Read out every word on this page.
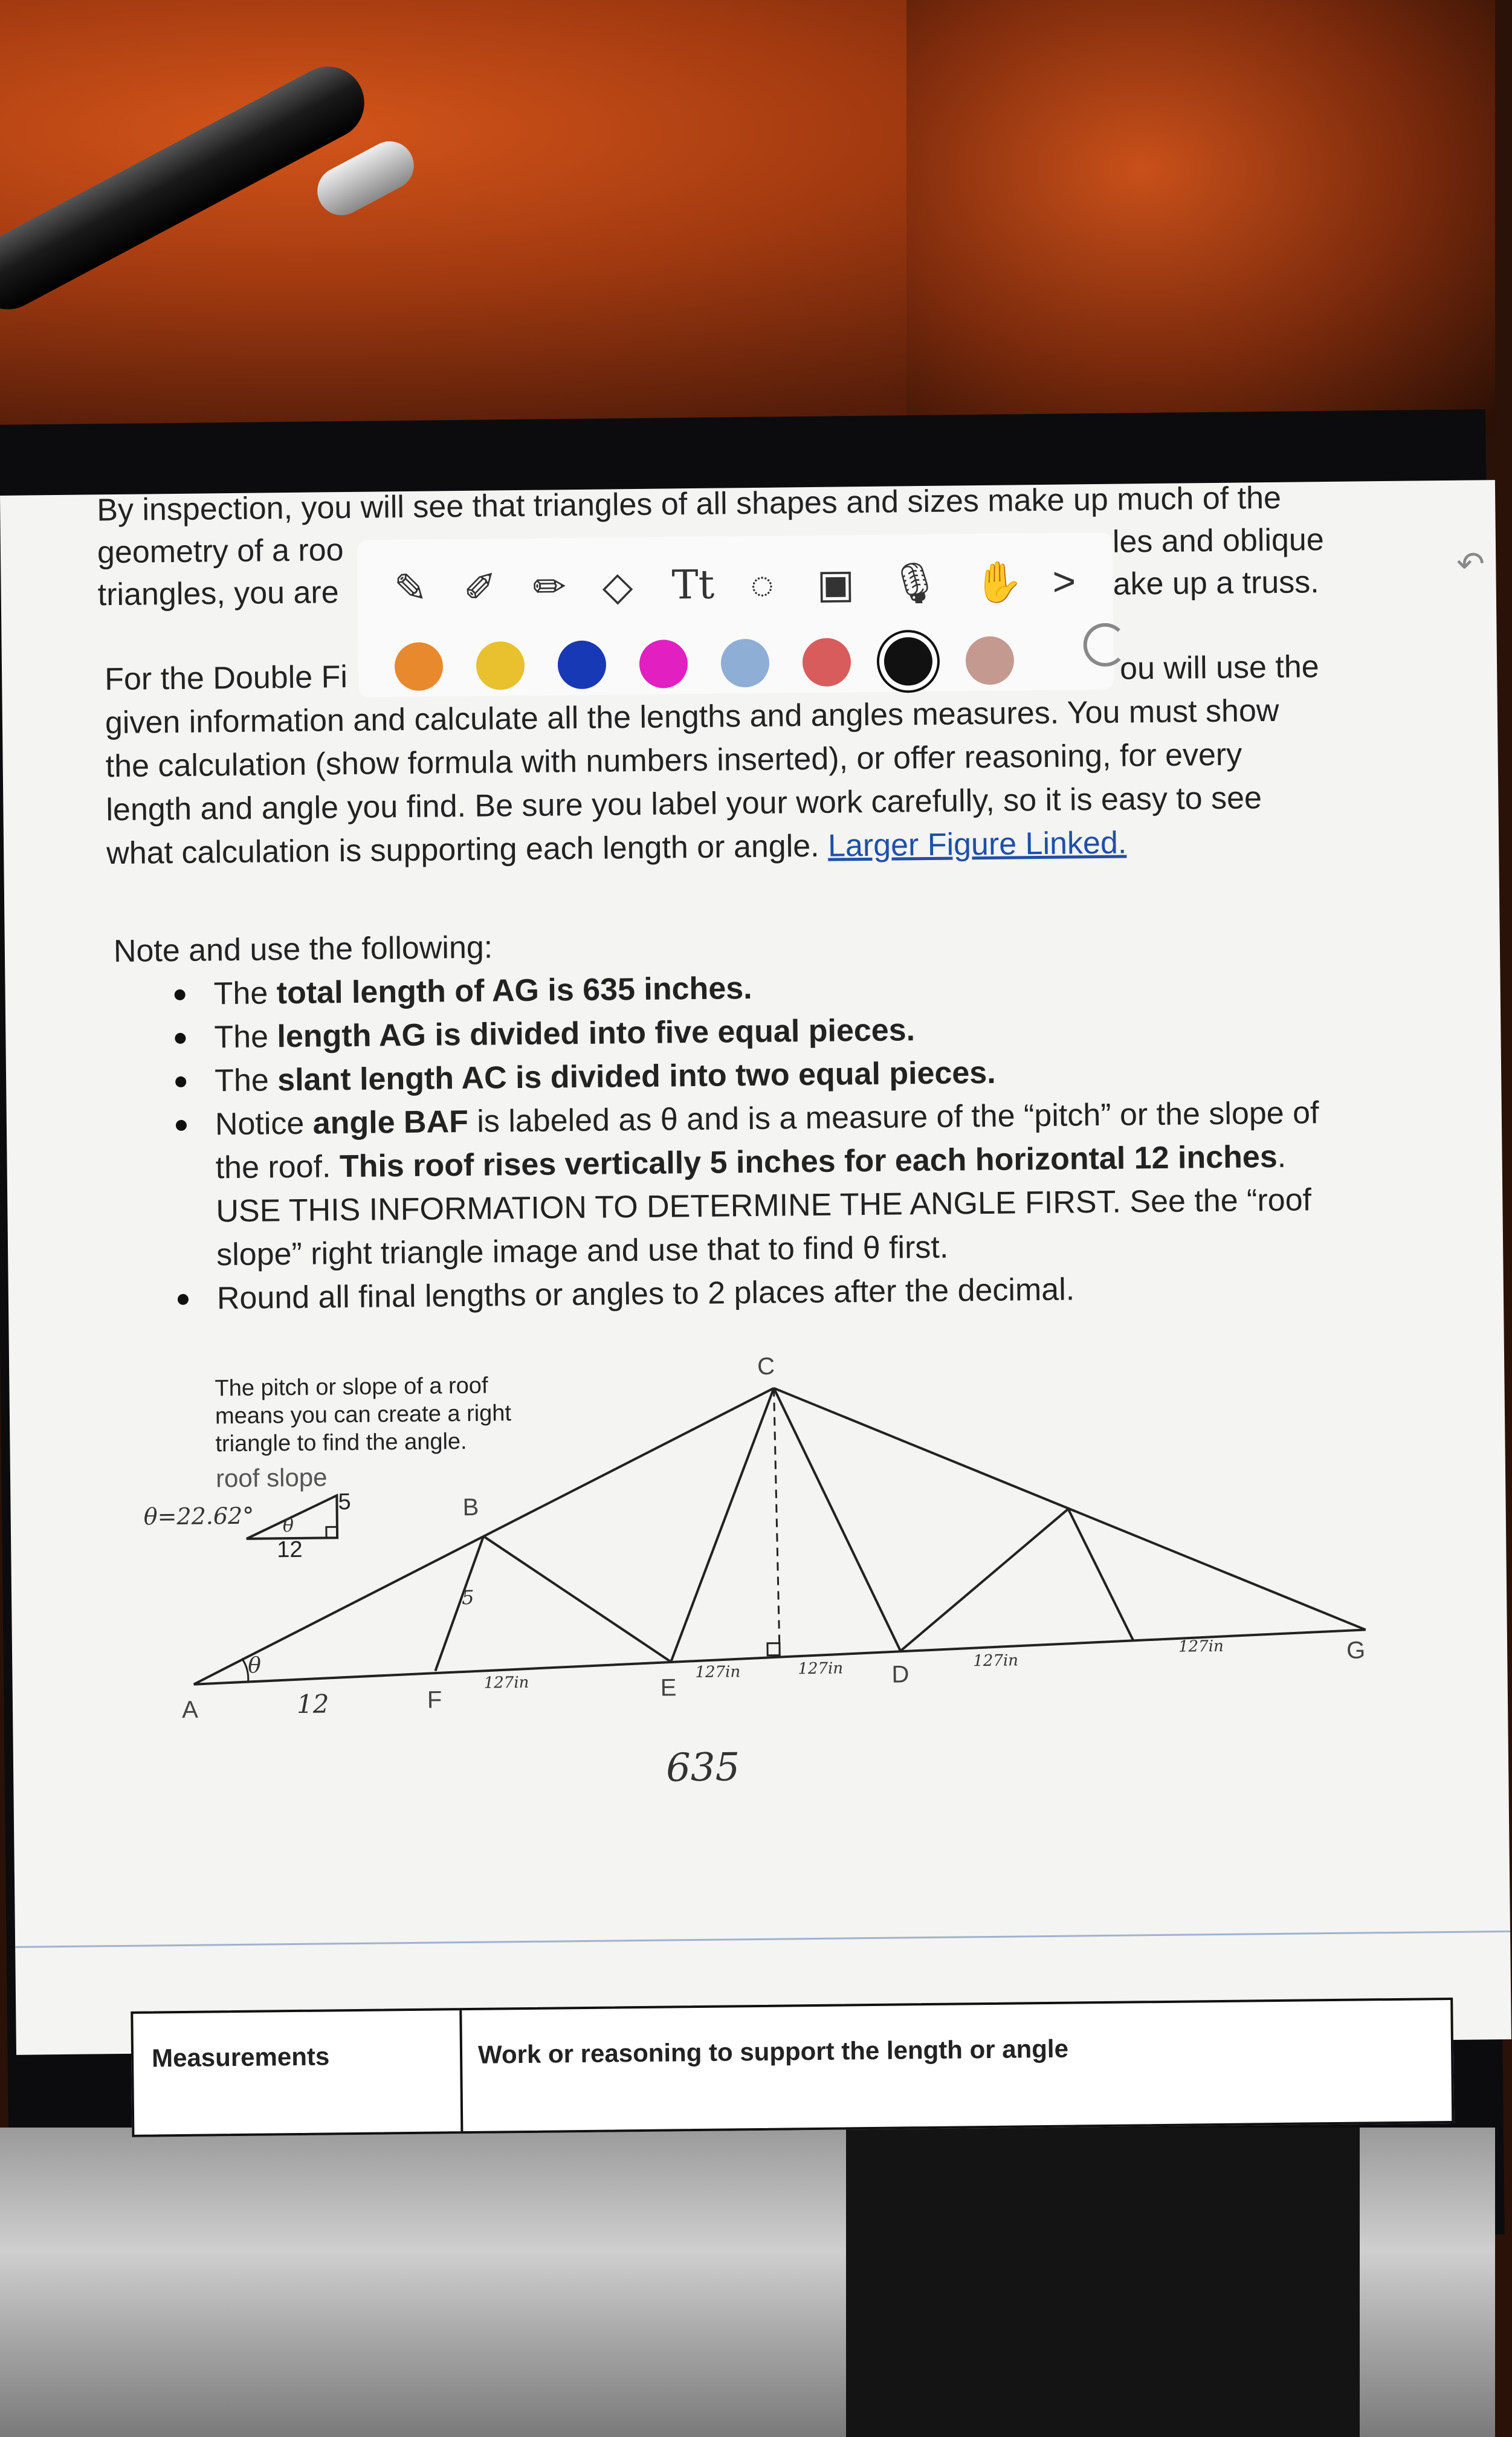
By inspection, you will see that triangles of all shapes and sizes make up much of the
geometry of a roo	les and oblique
triangles, you are	ake up a truss.
✎ ✐ ✏ ◇ Tt ◌ ▣ 🎙 ✋ >
For the Double Fi	ou will use the
given information and calculate all the lengths and angles measures. You must show
the calculation (show formula with numbers inserted), or offer reasoning, for every
length and angle you find. Be sure you label your work carefully, so it is easy to see
what calculation is supporting each length or angle. Larger Figure Linked.
Note and use the following:
The total length of AG is 635 inches.
The length AG is divided into five equal pieces.
The slant length AC is divided into two equal pieces.
Notice angle BAF is labeled as θ and is a measure of the “pitch” or the slope of
the roof. This roof rises vertically 5 inches for each horizontal 12 inches.
USE THIS INFORMATION TO DETERMINE THE ANGLE FIRST. See the “roof
slope” right triangle image and use that to find θ first.
Round all final lengths or angles to 2 places after the decimal.
The pitch or slope of a roof
means you can create a right
triangle to find the angle.
roof slope
5
12
θ
θ=22.62°
A
B
C
D
E
F
G
θ
12
5
127in
127in	127in	127in
127in
635
Measurements	Work or reasoning to support the length or angle
↶
